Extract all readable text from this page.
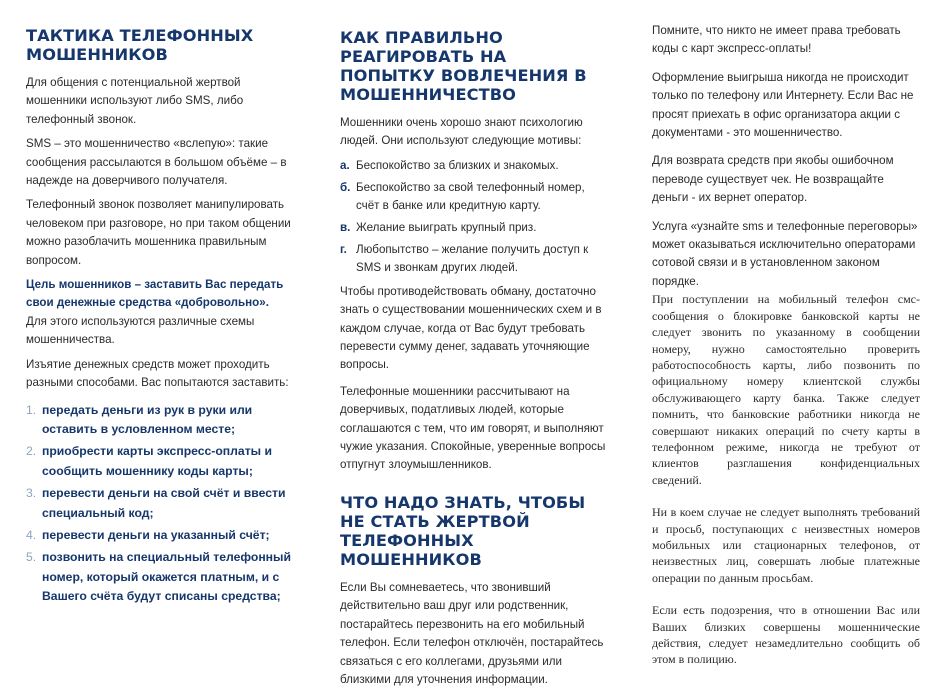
ТАКТИКА ТЕЛЕФОННЫХ МОШЕННИКОВ

Для общения с потенциальной жертвой мошенники используют либо SMS, либо телефонный звонок.

SMS – это мошенничество «вслепую»: такие сообщения рассылаются в большом объёме – в надежде на доверчивого получателя.

Телефонный звонок позволяет манипулировать человеком при разговоре, но при таком общении можно разоблачить мошенника правильным вопросом.

Цель мошенников – заставить Вас передать свои денежные средства «добровольно». Для этого используются различные схемы мошенничества.

Изъятие денежных средств может проходить разными способами. Вас попытаются заставить:

1. передать деньги из рук в руки или оставить в условленном месте;
2. приобрести карты экспресс-оплаты и сообщить мошеннику коды карты;
3. перевести деньги на свой счёт и ввести специальный код;
4. перевести деньги на указанный счёт;
5. позвонить на специальный телефонный номер, который окажется платным, и с Вашего счёта будут списаны средства;
КАК ПРАВИЛЬНО РЕАГИРОВАТЬ НА ПОПЫТКУ ВОВЛЕЧЕНИЯ В МОШЕННИЧЕСТВО

Мошенники очень хорошо знают психологию людей. Они используют следующие мотивы:

а. Беспокойство за близких и знакомых.
б. Беспокойство за свой телефонный номер, счёт в банке или кредитную карту.
в. Желание выиграть крупный приз.
г. Любопытство – желание получить доступ к SMS и звонкам других людей.

Чтобы противодействовать обману, достаточно знать о существовании мошеннических схем и в каждом случае, когда от Вас будут требовать перевести сумму денег, задавать уточняющие вопросы.

Телефонные мошенники рассчитывают на доверчивых, податливых людей, которые соглашаются с тем, что им говорят, и выполняют чужие указания. Спокойные, уверенные вопросы отпугнут злоумышленников.

ЧТО НАДО ЗНАТЬ, ЧТОБЫ НЕ СТАТЬ ЖЕРТВОЙ ТЕЛЕФОННЫХ МОШЕННИКОВ

Если Вы сомневаетесь, что звонивший действительно ваш друг или родственник, постарайтесь перезвонить на его мобильный телефон. Если телефон отключён, постарайтесь связаться с его коллегами, друзьями или близкими для уточнения информации.

Помните, что никто не имеет права требовать коды с карт экспресс-оплаты!

Оформление выигрыша никогда не происходит только по телефону или Интернету. Если Вас не просят приехать в офис организатора акции с документами - это мошенничество.

Для возврата средств при якобы ошибочном переводе существует чек. Не возвращайте деньги - их вернет оператор.

Услуга «узнайте sms и телефонные переговоры» может оказываться исключительно операторами сотовой связи и в установленном законом порядке.

При поступлении на мобильный телефон смс-сообщения о блокировке банковской карты не следует звонить по указанному в сообщении номеру, нужно самостоятельно проверить работоспособность карты, либо позвонить по официальному номеру клиентской службы обслуживающего карту банка. Также следует помнить, что банковские работники никогда не совершают никаких операций по счету карты в телефонном режиме, никогда не требуют от клиентов разглашения конфиденциальных сведений.

Ни в коем случае не следует выполнять требований и просьб, поступающих с неизвестных номеров мобильных или стационарных телефонов, от неизвестных лиц, совершать любые платежные операции по данным просьбам.

Если есть подозрения, что в отношении Вас или Ваших близких совершены мошеннические действия, следует незамедлительно сообщить об этом в полицию.
